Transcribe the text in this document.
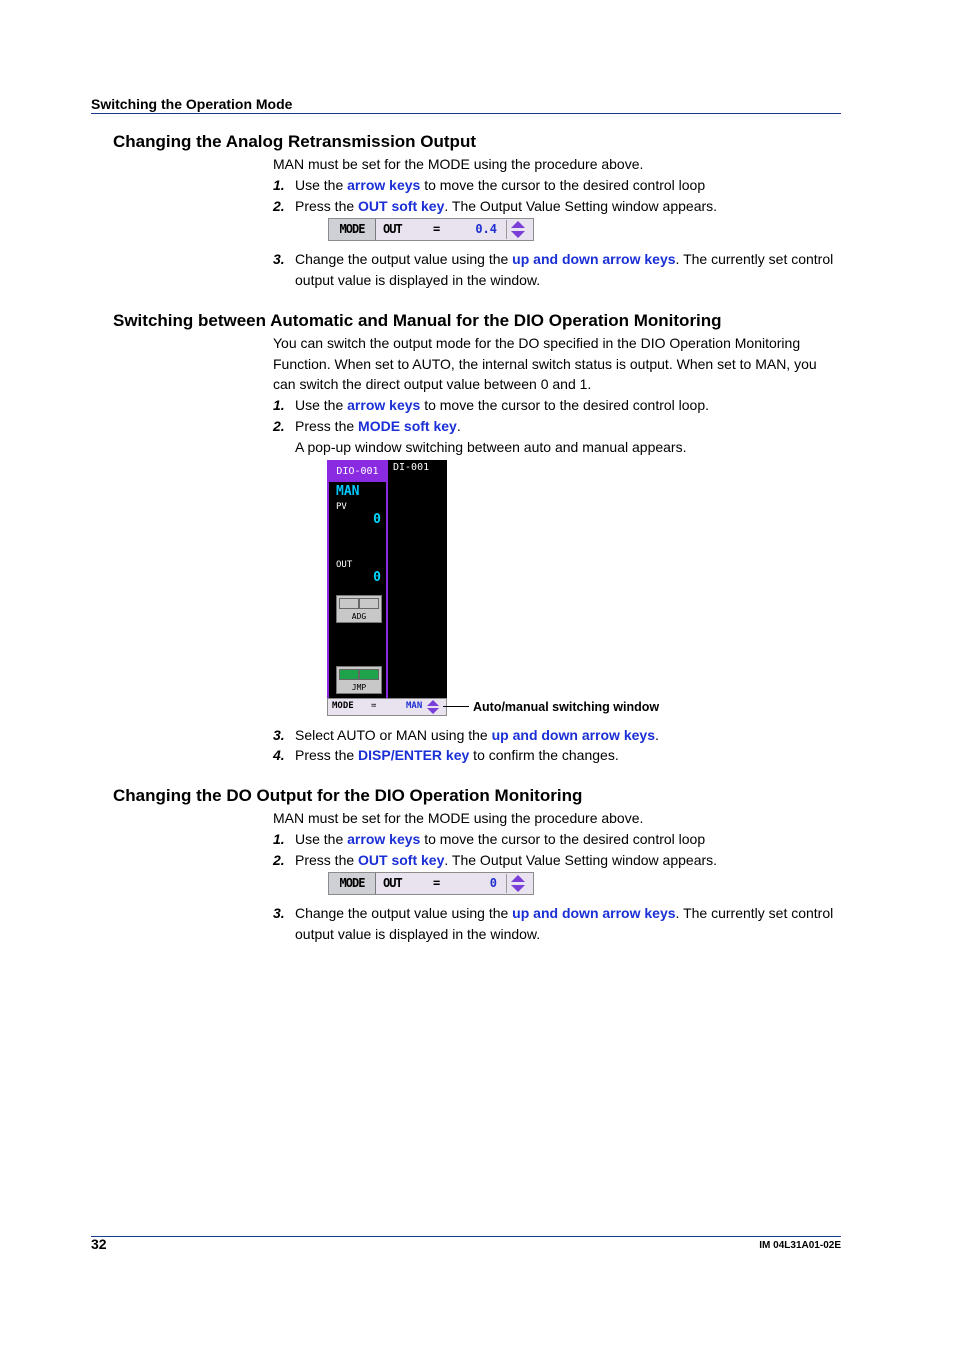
Switching the Operation Mode
Changing the Analog Retransmission Output
MAN must be set for the MODE using the procedure above.
1. Use the arrow keys to move the cursor to the desired control loop
2. Press the OUT soft key. The Output Value Setting window appears.
MODE	OUT	=	0.4
3. Change the output value using the up and down arrow keys. The currently set control output value is displayed in the window.
Switching between Automatic and Manual for the DIO Operation Monitoring
You can switch the output mode for the DO specified in the DIO Operation Monitoring Function. When set to AUTO, the internal switch status is output. When set to MAN, you can switch the direct output value between 0 and 1.
1. Use the arrow keys to move the cursor to the desired control loop.
2. Press the MODE soft key.
A pop-up window switching between auto and manual appears.
DIO-001
MAN
PV
0
OUT
0
ADG
JMP
DI-001
MODE =	MAN	Auto/manual switching window
3. Select AUTO or MAN using the up and down arrow keys.
4. Press the DISP/ENTER key to confirm the changes.
Changing the DO Output for the DIO Operation Monitoring
MAN must be set for the MODE using the procedure above.
1. Use the arrow keys to move the cursor to the desired control loop
2. Press the OUT soft key. The Output Value Setting window appears.
MODE	OUT	=	0
3. Change the output value using the up and down arrow keys. The currently set control output value is displayed in the window.
32	IM 04L31A01-02E
